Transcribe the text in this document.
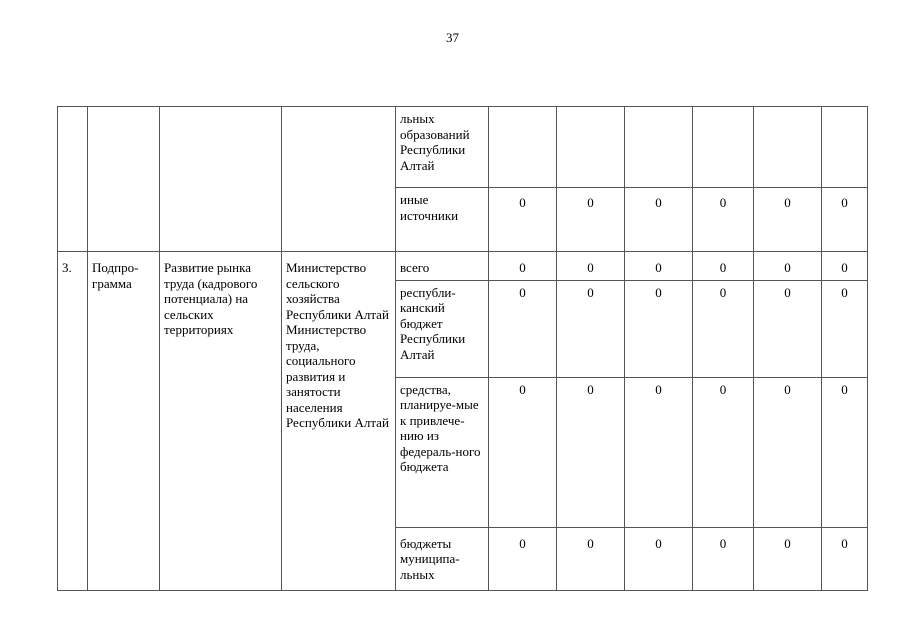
37
				льных образований Республики Алтай						
				иные источники	0	0	0	0	0	0
3.	Подпро-грамма	Развитие рынка труда (кадрового потенциала) на сельских территориях	Министерство сельского хозяйства Республики Алтай Министерство труда, социального развития и занятости населения Республики Алтай	всего	0	0	0	0	0	0
				республи-канский бюджет Республики Алтай	0	0	0	0	0	0
				средства, планируе-мые к привлече-нию из федераль-ного бюджета	0	0	0	0	0	0
				бюджеты муниципа-льных	0	0	0	0	0	0
